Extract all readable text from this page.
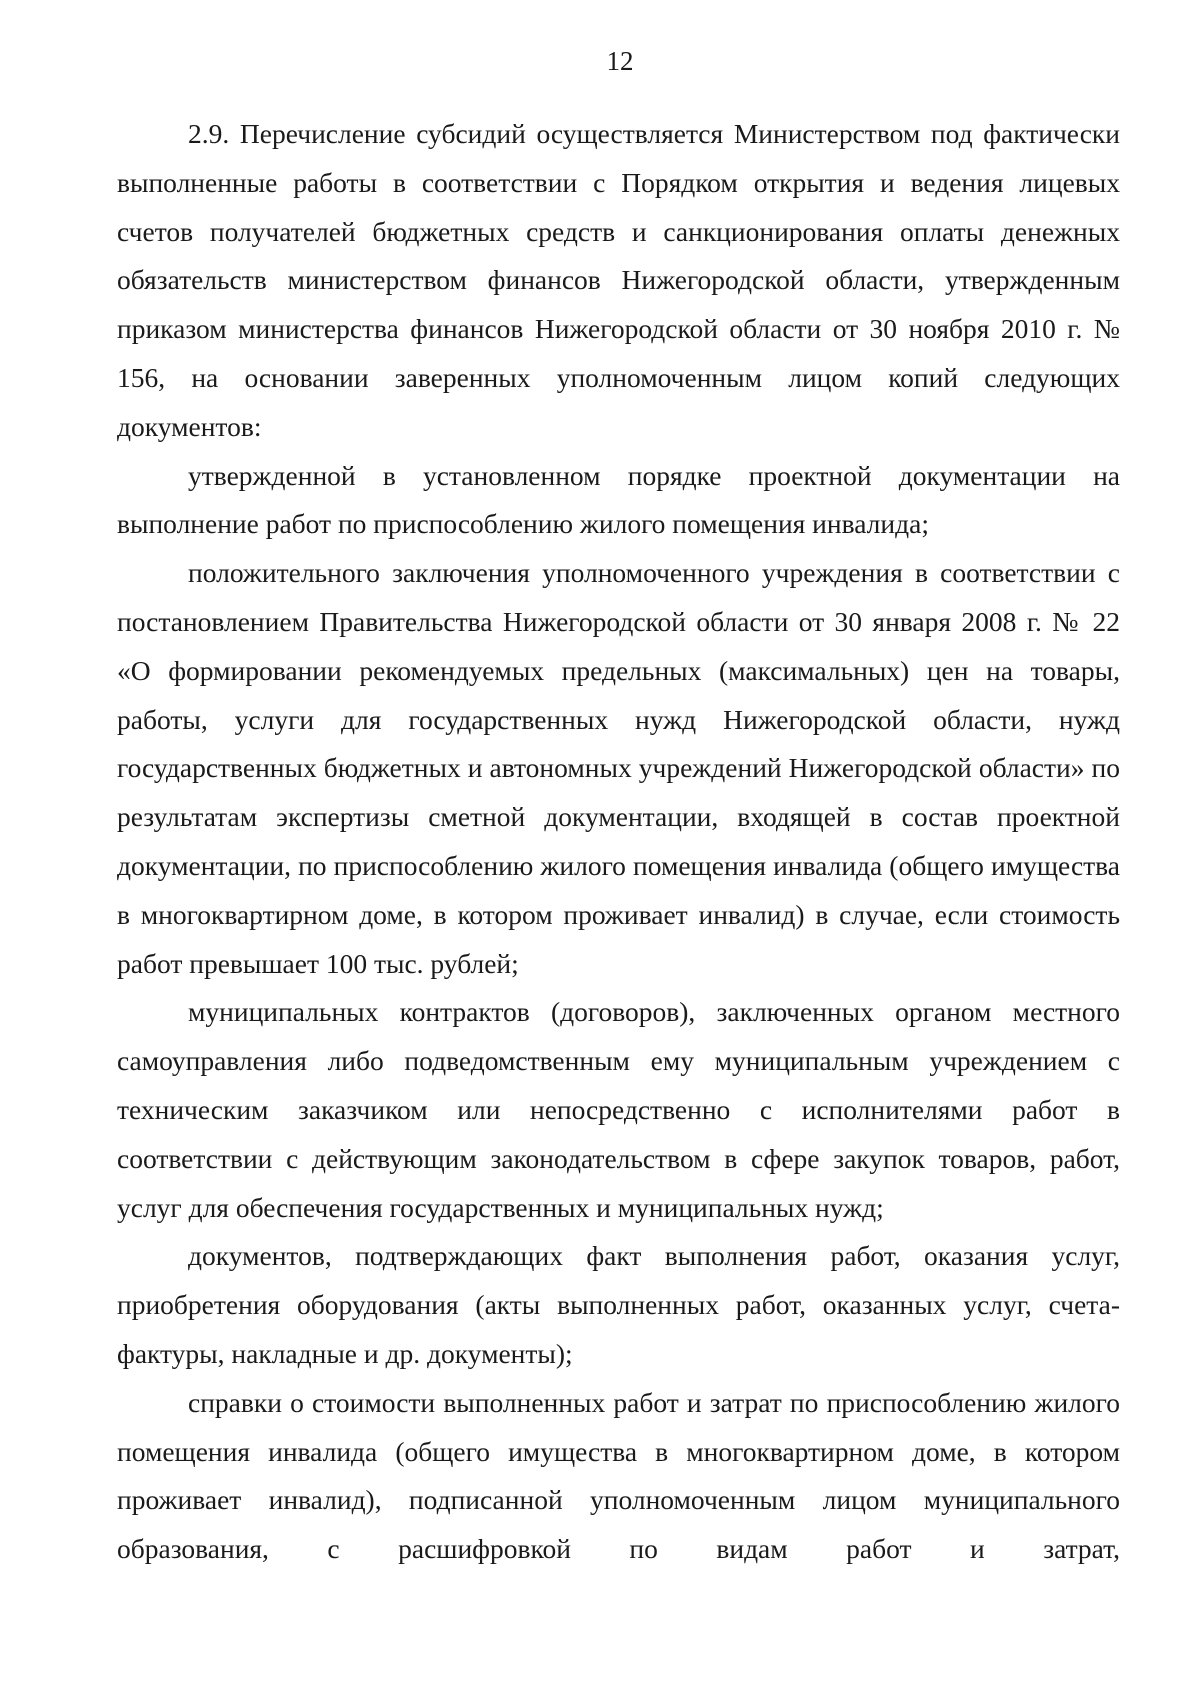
12

2.9. Перечисление субсидий осуществляется Министерством под фактически выполненные работы в соответствии с Порядком открытия и ведения лицевых счетов получателей бюджетных средств и санкционирования оплаты денежных обязательств министерством финансов Нижегородской области, утвержденным приказом министерства финансов Нижегородской области от 30 ноября 2010 г. № 156, на основании заверенных уполномоченным лицом копий следующих документов:

утвержденной в установленном порядке проектной документации на выполнение работ по приспособлению жилого помещения инвалида;

положительного заключения уполномоченного учреждения в соответствии с постановлением Правительства Нижегородской области от 30 января 2008 г. № 22 «О формировании рекомендуемых предельных (максимальных) цен на товары, работы, услуги для государственных нужд Нижегородской области, нужд государственных бюджетных и автономных учреждений Нижегородской области» по результатам экспертизы сметной документации, входящей в состав проектной документации, по приспособлению жилого помещения инвалида (общего имущества в многоквартирном доме, в котором проживает инвалид) в случае, если стоимость работ превышает 100 тыс. рублей;

муниципальных контрактов (договоров), заключенных органом местного самоуправления либо подведомственным ему муниципальным учреждением с техническим заказчиком или непосредственно с исполнителями работ в соответствии с действующим законодательством в сфере закупок товаров, работ, услуг для обеспечения государственных и муниципальных нужд;

документов, подтверждающих факт выполнения работ, оказания услуг, приобретения оборудования (акты выполненных работ, оказанных услуг, счета-фактуры, накладные и др. документы);

справки о стоимости выполненных работ и затрат по приспособлению жилого помещения инвалида (общего имущества в многоквартирном доме, в котором проживает инвалид), подписанной уполномоченным лицом муниципального образования, с расшифровкой по видам работ и затрат,
